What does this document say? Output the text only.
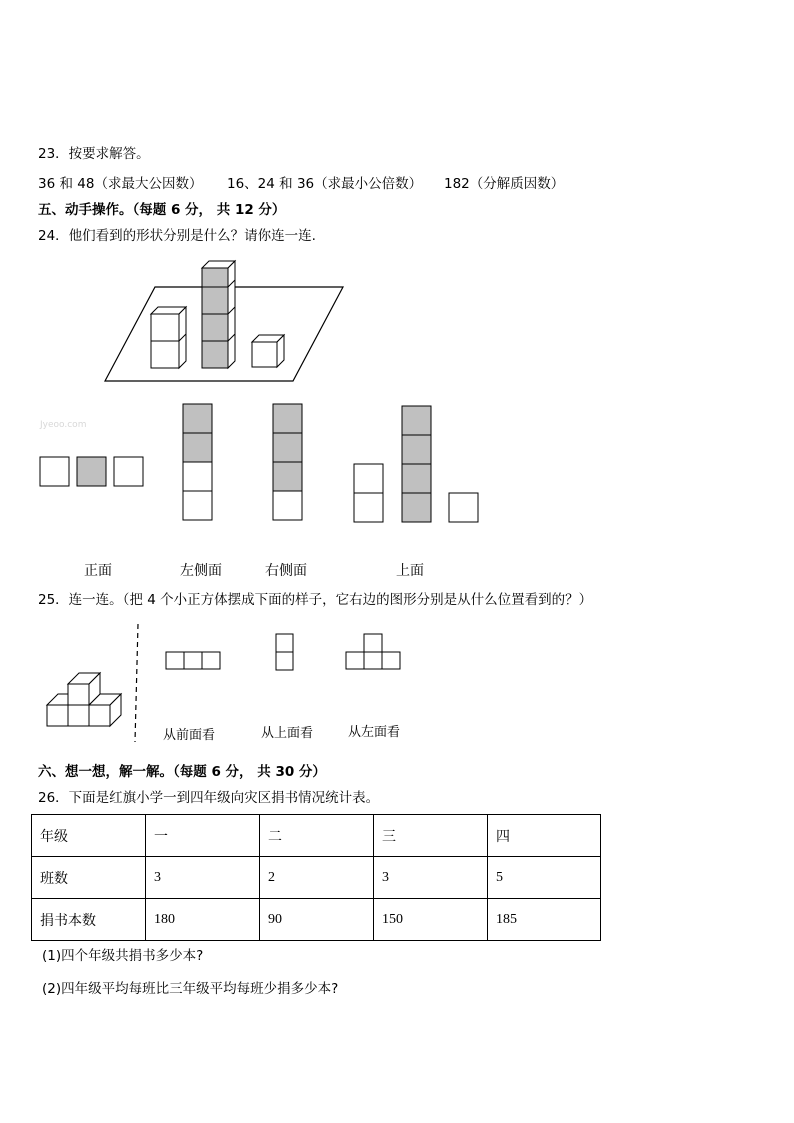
23．按要求解答。
36 和 48（求最大公因数） 16、24 和 36（求最小公倍数） 182（分解质因数）
五、动手操作。（每题 6 分， 共 12 分）
24．他们看到的形状分别是什么？请你连一连.
Jyeoo.com
正面	左侧面	右侧面	上面
25．连一连。（把 4 个小正方体摆成下面的样子，它右边的图形分别是从什么位置看到的？）
从前面看	从上面看	从左面看
六、想一想，解一解。（每题 6 分， 共 30 分）
26．下面是红旗小学一到四年级向灾区捐书情况统计表。
年级	一	二	三	四
班数	3	2	3	5
捐书本数	180	90	150	185
(1)四个年级共捐书多少本?
(2)四年级平均每班比三年级平均每班少捐多少本?
